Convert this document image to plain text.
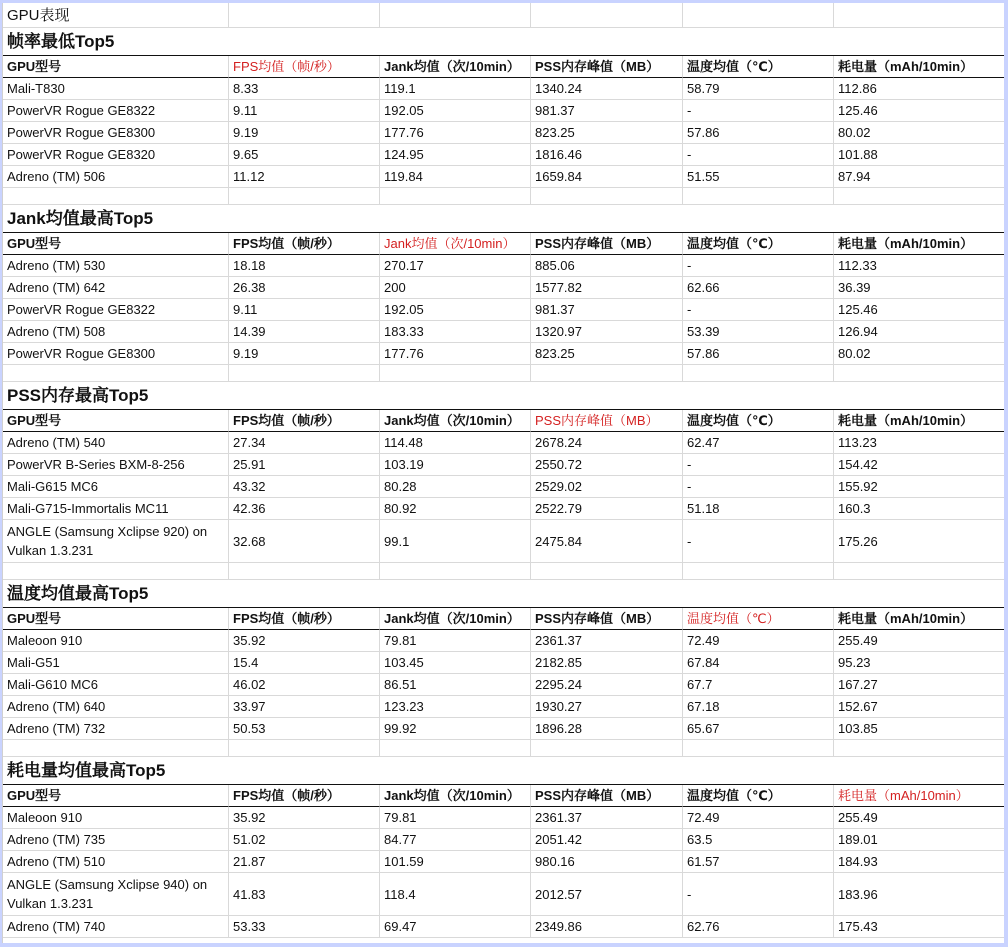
GPU表现
帧率最低Top5
GPU型号	FPS均值（帧/秒）	Jank均值（次/10min）	PSS内存峰值（MB）	温度均值（℃）	耗电量（mAh/10min）
Mali-T830	8.33	119.1	1340.24	58.79	112.86
PowerVR Rogue GE8322	9.11	192.05	981.37	-	125.46
PowerVR Rogue GE8300	9.19	177.76	823.25	57.86	80.02
PowerVR Rogue GE8320	9.65	124.95	1816.46	-	101.88
Adreno (TM) 506	11.12	119.84	1659.84	51.55	87.94
Jank均值最高Top5
GPU型号	FPS均值（帧/秒）	Jank均值（次/10min）	PSS内存峰值（MB）	温度均值（℃）	耗电量（mAh/10min）
Adreno (TM) 530	18.18	270.17	885.06	-	112.33
Adreno (TM) 642	26.38	200	1577.82	62.66	36.39
PowerVR Rogue GE8322	9.11	192.05	981.37	-	125.46
Adreno (TM) 508	14.39	183.33	1320.97	53.39	126.94
PowerVR Rogue GE8300	9.19	177.76	823.25	57.86	80.02
PSS内存最高Top5
GPU型号	FPS均值（帧/秒）	Jank均值（次/10min）	PSS内存峰值（MB）	温度均值（℃）	耗电量（mAh/10min）
Adreno (TM) 540	27.34	114.48	2678.24	62.47	113.23
PowerVR B-Series BXM-8-256	25.91	103.19	2550.72	-	154.42
Mali-G615 MC6	43.32	80.28	2529.02	-	155.92
Mali-G715-Immortalis MC11	42.36	80.92	2522.79	51.18	160.3
ANGLE (Samsung Xclipse 920) on Vulkan 1.3.231
32.68	99.1	2475.84	-	175.26
温度均值最高Top5
GPU型号	FPS均值（帧/秒）	Jank均值（次/10min）	PSS内存峰值（MB）	温度均值（℃）	耗电量（mAh/10min）
Maleoon 910	35.92	79.81	2361.37	72.49	255.49
Mali-G51	15.4	103.45	2182.85	67.84	95.23
Mali-G610 MC6	46.02	86.51	2295.24	67.7	167.27
Adreno (TM) 640	33.97	123.23	1930.27	67.18	152.67
Adreno (TM) 732	50.53	99.92	1896.28	65.67	103.85
耗电量均值最高Top5
GPU型号	FPS均值（帧/秒）	Jank均值（次/10min）	PSS内存峰值（MB）	温度均值（℃）	耗电量（mAh/10min）
Maleoon 910	35.92	79.81	2361.37	72.49	255.49
Adreno (TM) 735	51.02	84.77	2051.42	63.5	189.01
Adreno (TM) 510	21.87	101.59	980.16	61.57	184.93
ANGLE (Samsung Xclipse 940) on Vulkan 1.3.231
41.83	118.4	2012.57	-	183.96
Adreno (TM) 740	53.33	69.47	2349.86	62.76	175.43
